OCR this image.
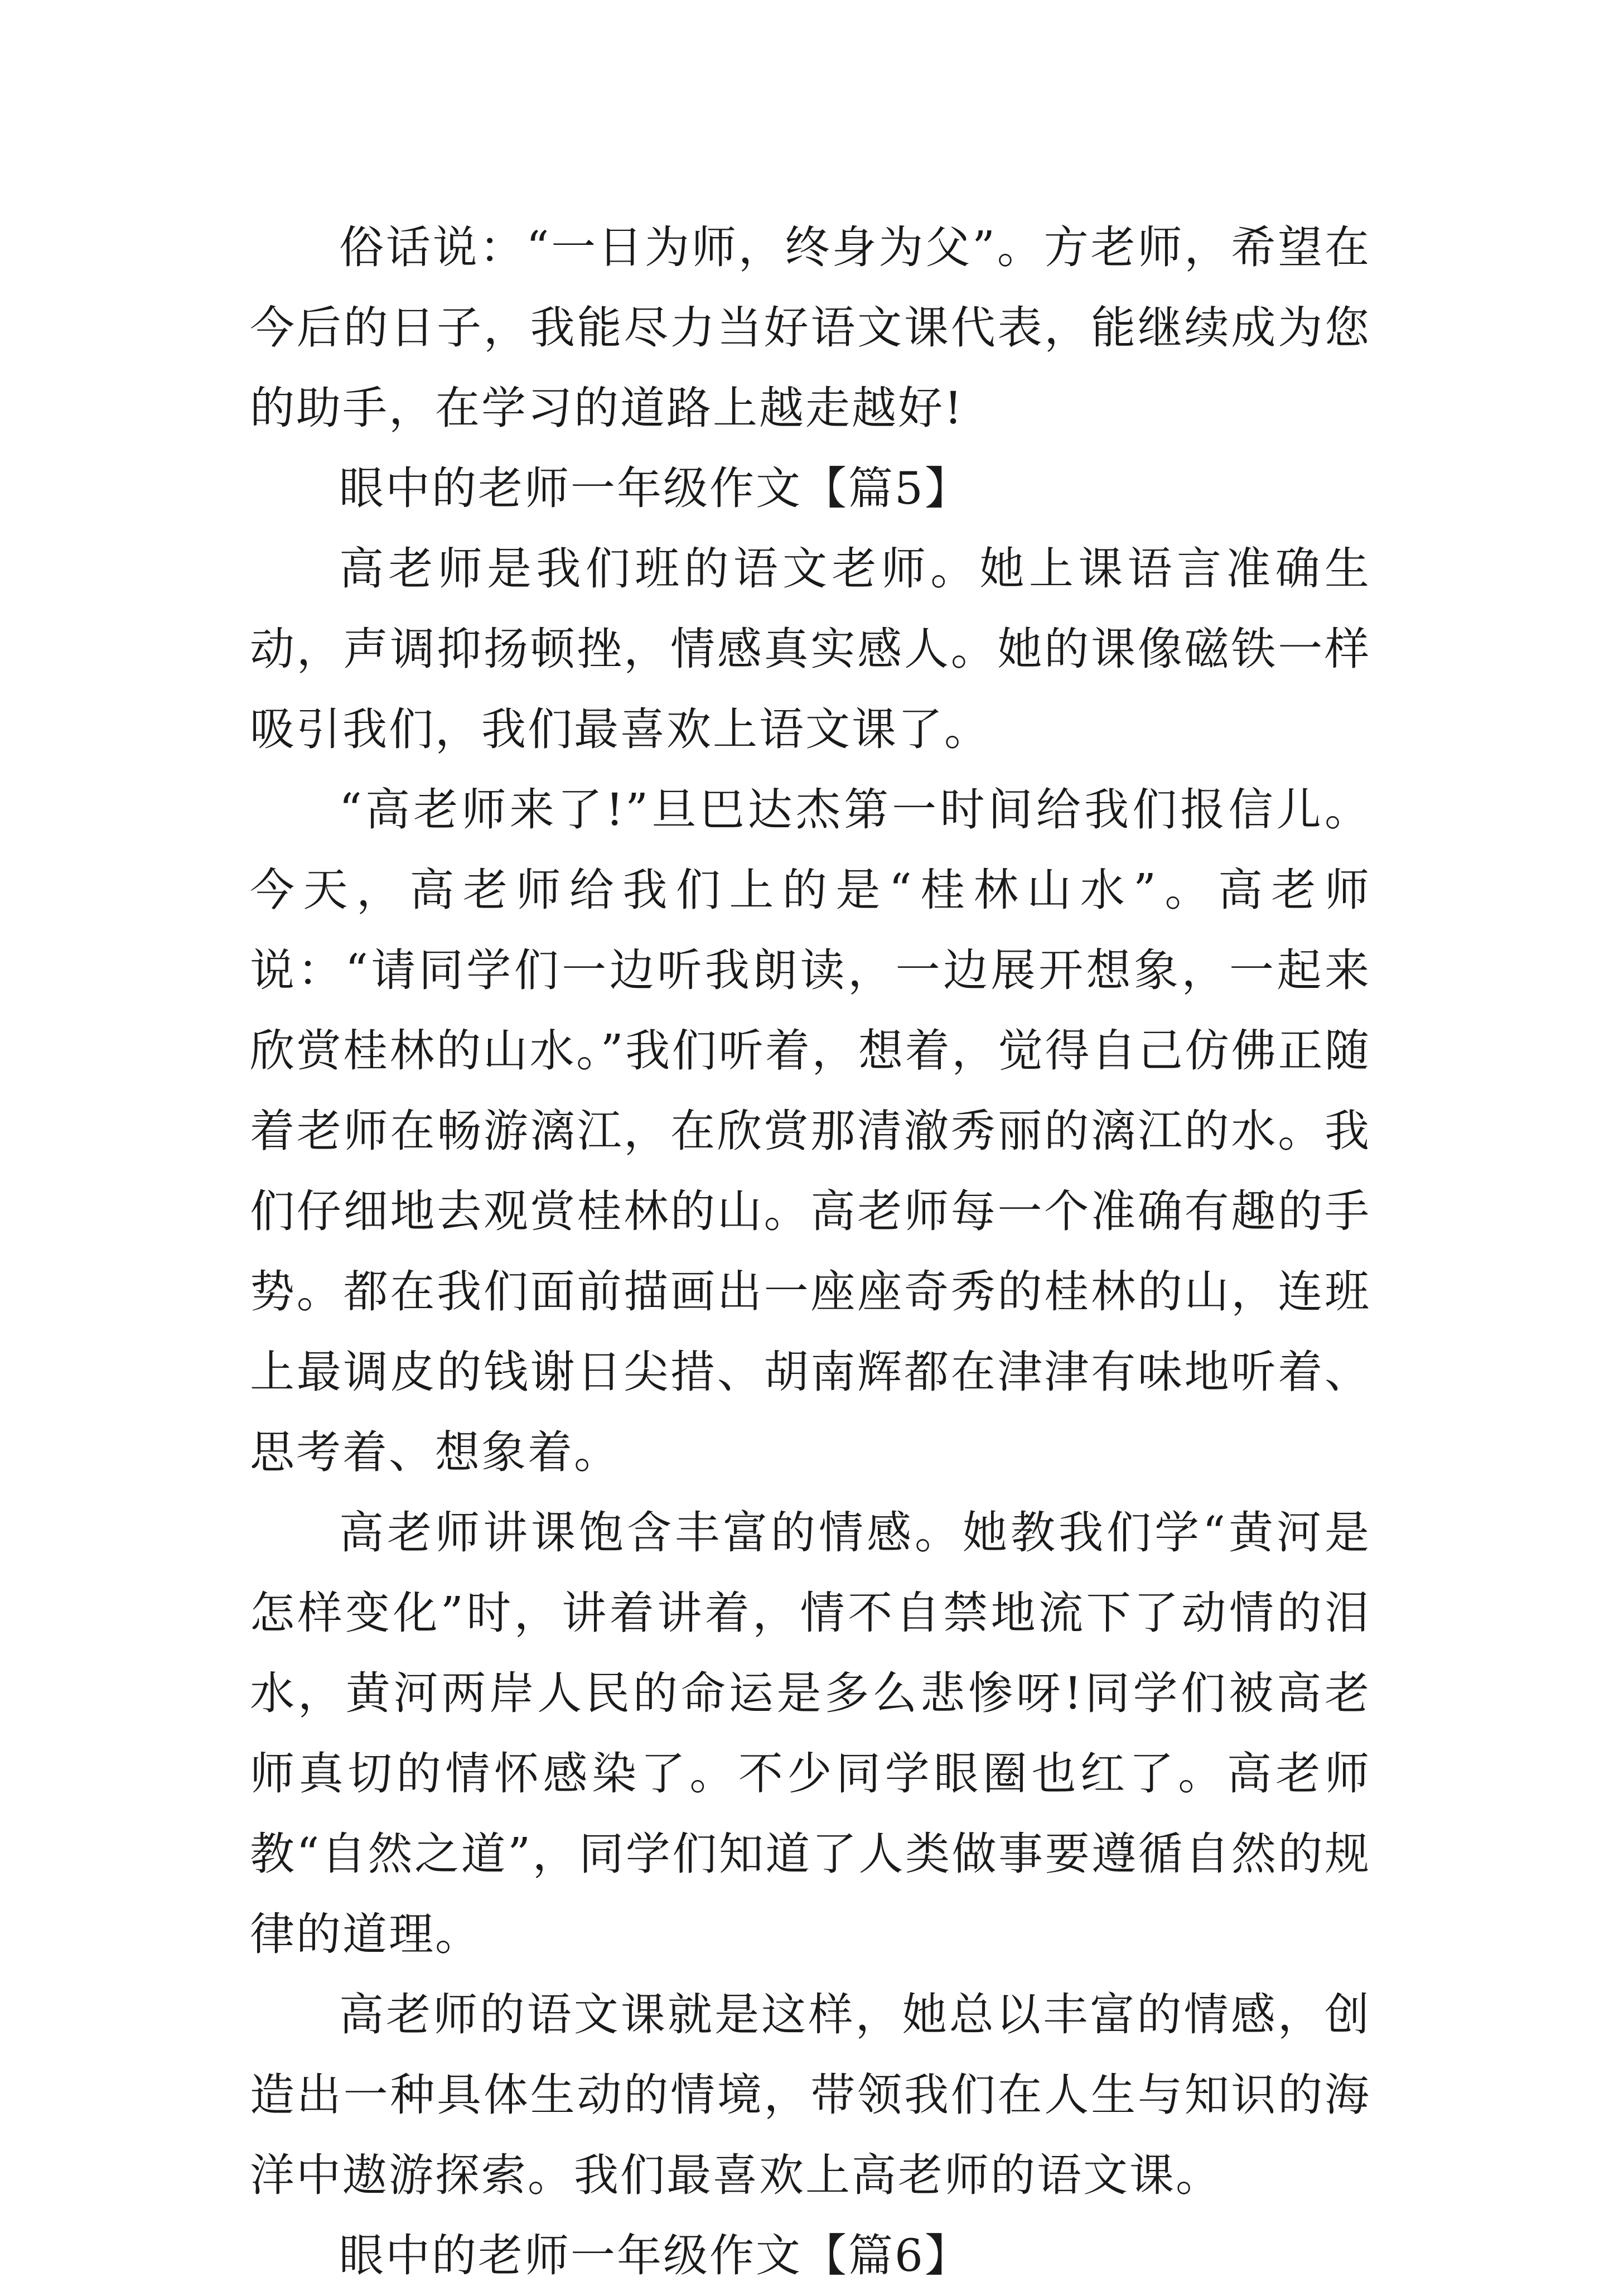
俗话说：“一日为师，终身为父”。方老师，希望在今后的日子，我能尽力当好语文课代表，能继续成为您的助手，在学习的道路上越走越好!

眼中的老师一年级作文【篇5】

高老师是我们班的语文老师。她上课语言准确生动，声调抑扬顿挫，情感真实感人。她的课像磁铁一样吸引我们，我们最喜欢上语文课了。

“高老师来了!”旦巴达杰第一时间给我们报信儿。今天，高老师给我们上的是“桂林山水”。高老师说：“请同学们一边听我朗读，一边展开想象，一起来欣赏桂林的山水。”我们听着，想着，觉得自己仿佛正随着老师在畅游漓江，在欣赏那清澈秀丽的漓江的水。我们仔细地去观赏桂林的山。高老师每一个准确有趣的手势。都在我们面前描画出一座座奇秀的桂林的山，连班上最调皮的钱谢日尖措、胡南辉都在津津有味地听着、思考着、想象着。

高老师讲课饱含丰富的情感。她教我们学“黄河是怎样变化”时，讲着讲着，情不自禁地流下了动情的泪水，黄河两岸人民的命运是多么悲惨呀!同学们被高老师真切的情怀感染了。不少同学眼圈也红了。高老师教“自然之道”，同学们知道了人类做事要遵循自然的规律的道理。

高老师的语文课就是这样，她总以丰富的情感，创造出一种具体生动的情境，带领我们在人生与知识的海洋中遨游探索。我们最喜欢上高老师的语文课。

眼中的老师一年级作文【篇6】
